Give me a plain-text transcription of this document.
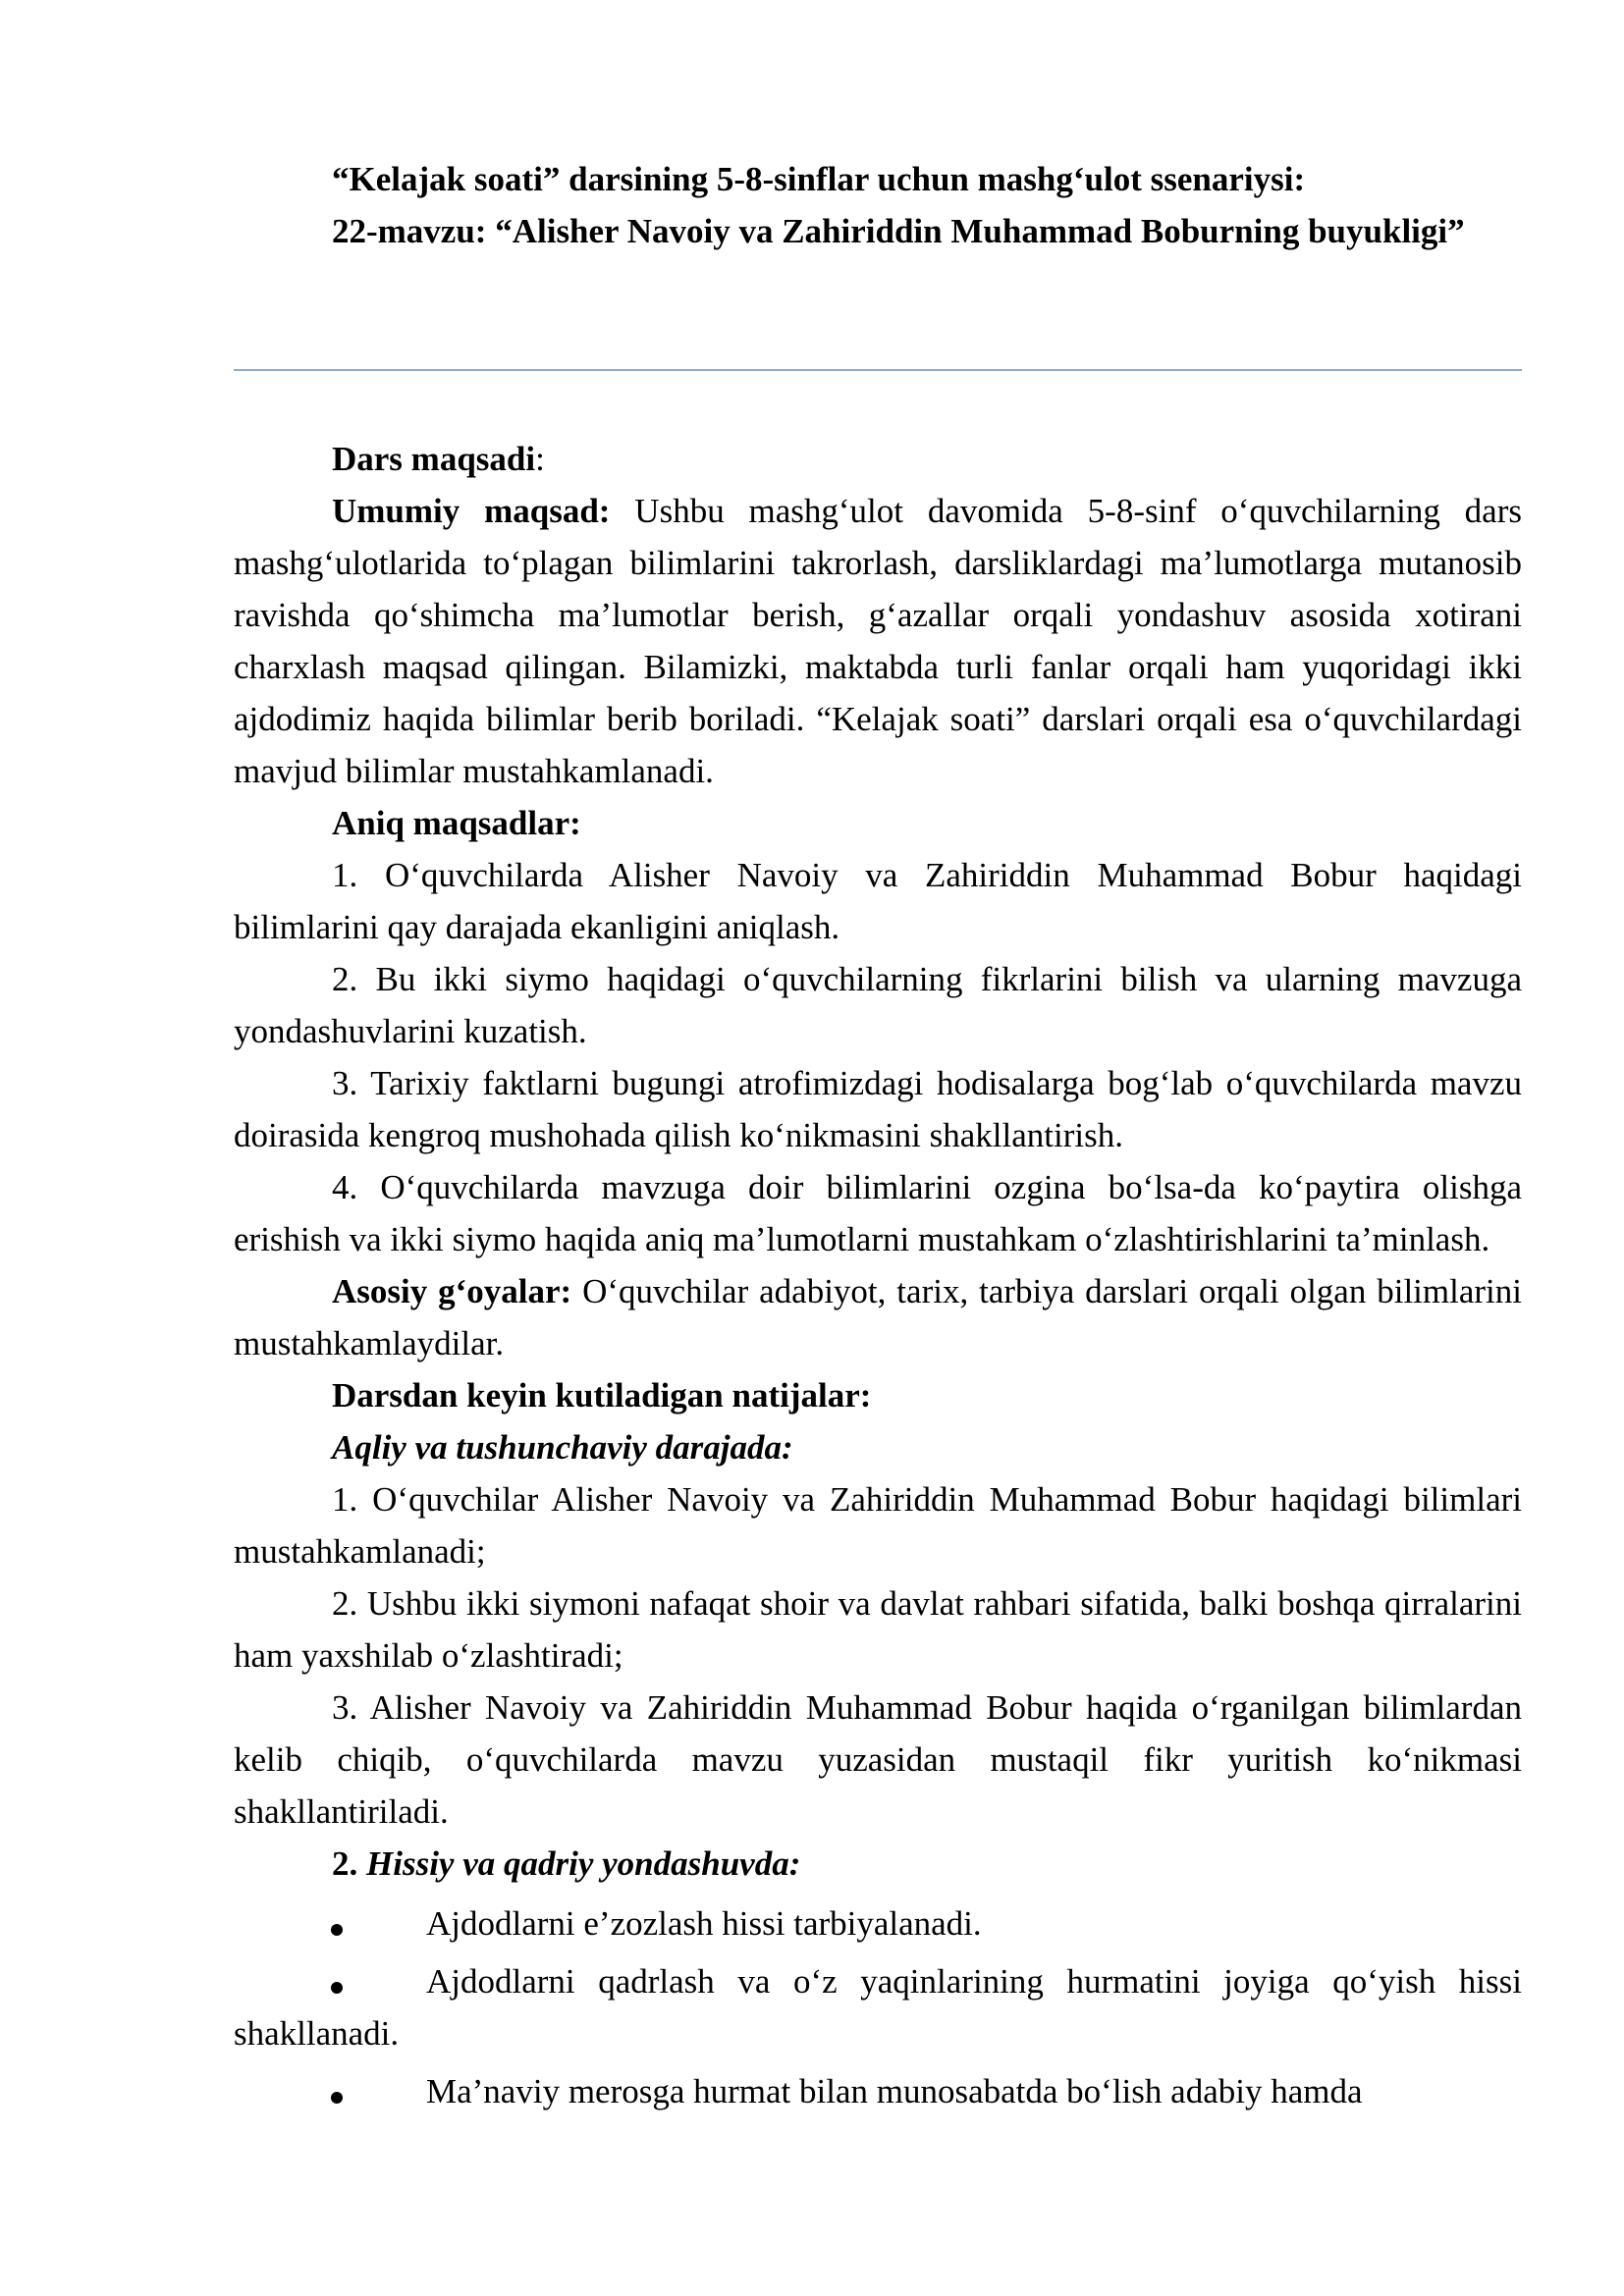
“Kelajak soati” darsining 5-8-sinflar uchun mashg‘ulot ssenariysi:

22-mavzu: “Alisher Navoiy va Zahiriddin Muhammad Boburning buyukligi”

Dars maqsadi:

Umumiy maqsad: Ushbu mashg‘ulot davomida 5-8-sinf o‘quvchilarning dars mashg‘ulotlarida to‘plagan bilimlarini takrorlash, darsliklardagi ma’lumotlarga mutanosib ravishda qo‘shimcha ma’lumotlar berish, g‘azallar orqali yondashuv asosida xotirani charxlash maqsad qilingan. Bilamizki, maktabda turli fanlar orqali ham yuqoridagi ikki ajdodimiz haqida bilimlar berib boriladi. “Kelajak soati” darslari orqali esa o‘quvchilardagi mavjud bilimlar mustahkamlanadi.

Aniq maqsadlar:

1. O‘quvchilarda Alisher Navoiy va Zahiriddin Muhammad Bobur haqidagi bilimlarini qay darajada ekanligini aniqlash.

2. Bu ikki siymo haqidagi o‘quvchilarning fikrlarini bilish va ularning mavzuga yondashuvlarini kuzatish.

3. Tarixiy faktlarni bugungi atrofimizdagi hodisalarga bog‘lab o‘quvchilarda mavzu doirasida kengroq mushohada qilish ko‘nikmasini shakllantirish.

4. O‘quvchilarda mavzuga doir bilimlarini ozgina bo‘lsa-da ko‘paytira olishga erishish va ikki siymo haqida aniq ma’lumotlarni mustahkam o‘zlashtirishlarini ta’minlash.

Asosiy g‘oyalar: O‘quvchilar adabiyot, tarix, tarbiya darslari orqali olgan bilimlarini mustahkamlaydilar.

Darsdan keyin kutiladigan natijalar:

Aqliy va tushunchaviy darajada:

1. O‘quvchilar Alisher Navoiy va Zahiriddin Muhammad Bobur haqidagi bilimlari mustahkamlanadi;

2. Ushbu ikki siymoni nafaqat shoir va davlat rahbari sifatida, balki boshqa qirralarini ham yaxshilab o‘zlashtiradi;

3. Alisher Navoiy va Zahiriddin Muhammad Bobur haqida o‘rganilgan bilimlardan kelib chiqib, o‘quvchilarda mavzu yuzasidan mustaqil fikr yuritish ko‘nikmasi shakllantiriladi.

2. Hissiy va qadriy yondashuvda:

Ajdodlarni e’zozlash hissi tarbiyalanadi.

Ajdodlarni qadrlash va o‘z yaqinlarining hurmatini joyiga qo‘yish hissi shakllanadi.

Ma’naviy merosga hurmat bilan munosabatda bo‘lish adabiy hamda
